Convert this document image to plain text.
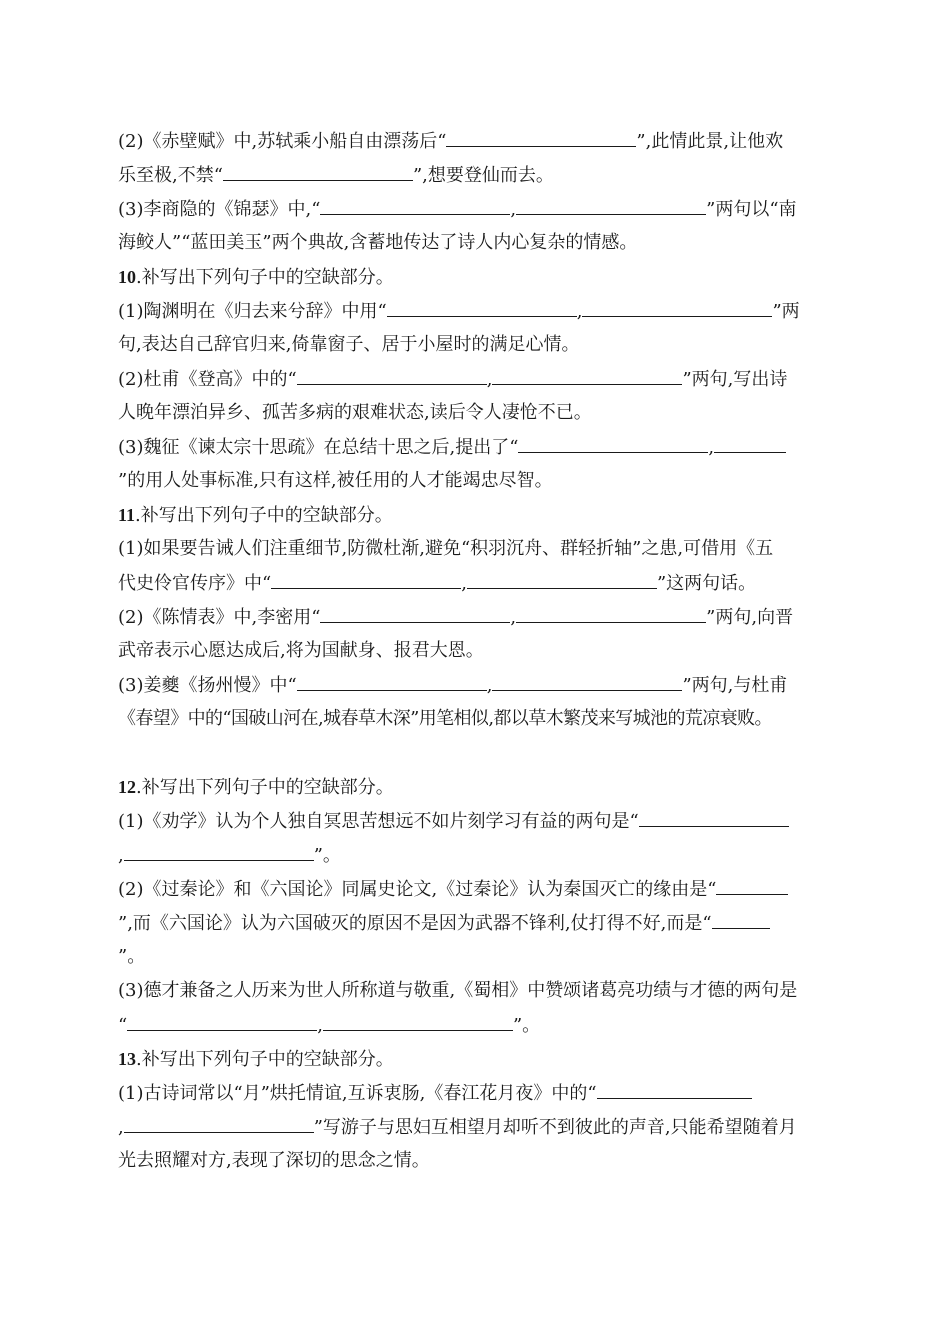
(2)《赤壁赋》中,苏轼乘小船自由漂荡后“	”,此情此景,让他欢
乐至极,不禁“	”,想要登仙而去。
(3)李商隐的《锦瑟》中,“	,	”两句以“南
海鲛人”“蓝田美玉”两个典故,含蓄地传达了诗人内心复杂的情感。
10.补写出下列句子中的空缺部分。
(1)陶渊明在《归去来兮辞》中用“	,	”两
句,表达自己辞官归来,倚靠窗子、居于小屋时的满足心情。
(2)杜甫《登高》中的“	,	”两句,写出诗
人晚年漂泊异乡、孤苦多病的艰难状态,读后令人凄怆不已。
(3)魏征《谏太宗十思疏》在总结十思之后,提出了“	,
”的用人处事标准,只有这样,被任用的人才能竭忠尽智。
11.补写出下列句子中的空缺部分。
(1)如果要告诫人们注重细节,防微杜渐,避免“积羽沉舟、群轻折轴”之患,可借用《五
代史伶官传序》中“	,	”这两句话。
(2)《陈情表》中,李密用“	,	”两句,向晋
武帝表示心愿达成后,将为国献身、报君大恩。
(3)姜夔《扬州慢》中“	,	”两句,与杜甫
《春望》中的“国破山河在,城春草木深”用笔相似,都以草木繁茂来写城池的荒凉衰败。
12.补写出下列句子中的空缺部分。
(1)《劝学》认为个人独自冥思苦想远不如片刻学习有益的两句是“
,	”。
(2)《过秦论》和《六国论》同属史论文,《过秦论》认为秦国灭亡的缘由是“
”,而《六国论》认为六国破灭的原因不是因为武器不锋利,仗打得不好,而是“
”。
(3)德才兼备之人历来为世人所称道与敬重,《蜀相》中赞颂诸葛亮功绩与才德的两句是
“	,	”。
13.补写出下列句子中的空缺部分。
(1)古诗词常以“月”烘托情谊,互诉衷肠,《春江花月夜》中的“
,	”写游子与思妇互相望月却听不到彼此的声音,只能希望随着月
光去照耀对方,表现了深切的思念之情。
